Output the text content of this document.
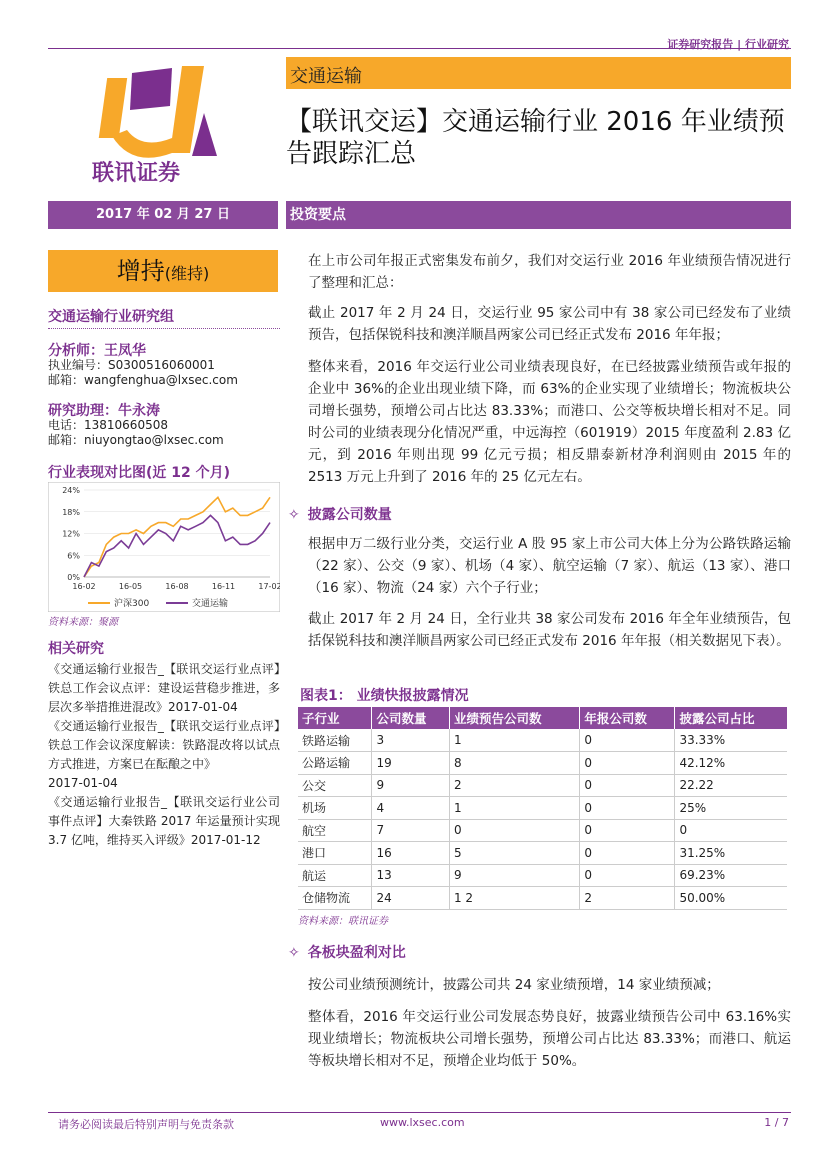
证券研究报告 | 行业研究
联讯证券
交通运输
【联讯交运】交通运输行业 2016 年业绩预告跟踪汇总
2017 年 02 月 27 日	投资要点
增持(维持)
交通运输行业研究组
分析师：王凤华
执业编号：S0300516060001
邮箱：wangfenghua@lxsec.com
研究助理：牛永涛
电话：13810660508
邮箱：niuyongtao@lxsec.com
行业表现对比图(近 12 个月)
0%
6%
12%
18%
24%
16-02	16-05	16-08	16-11	17-02
沪深300	交通运输
资料来源：聚源
相关研究

《交通运输行业报告_【联讯交运行业点评】铁总工作会议点评：建设运营稳步推进，多层次多举措推进混改》2017-01-04

《交通运输行业报告_【联讯交运行业点评】铁总工作会议深度解读：铁路混改将以试点方式推进，方案已在酝酿之中》

2017-01-04

《交通运输行业报告_【联讯交运行业公司事件点评】大秦铁路 2017 年运量预计实现 3.7 亿吨，维持买入评级》2017-01-12

在上市公司年报正式密集发布前夕，我们对交运行业 2016 年业绩预告情况进行了整理和汇总：
截止 2017 年 2 月 24 日，交运行业 95 家公司中有 38 家公司已经发布了业绩预告，包括保锐科技和澳洋顺昌两家公司已经正式发布 2016 年年报；
整体来看，2016 年交运行业公司业绩表现良好，在已经披露业绩预告或年报的企业中 36%的企业出现业绩下降，而 63%的企业实现了业绩增长；物流板块公司增长强势，预增公司占比达 83.33%；而港口、公交等板块增长相对不足。同时公司的业绩表现分化情况严重，中远海控（601919）2015 年度盈利 2.83 亿元，到 2016 年则出现 99 亿元亏损；相反鼎泰新材净利润则由 2015 年的 2513 万元上升到了 2016 年的 25 亿元左右。
✧ 披露公司数量
根据申万二级行业分类，交运行业 A 股 95 家上市公司大体上分为公路铁路运输（22 家）、公交（9 家）、机场（4 家）、航空运输（7 家）、航运（13 家）、港口（16 家）、物流（24 家）六个子行业；
截止 2017 年 2 月 24 日，全行业共 38 家公司发布 2016 年全年业绩预告，包括保锐科技和澳洋顺昌两家公司已经正式发布 2016 年年报（相关数据见下表）。
图表1： 业绩快报披露情况
子行业	公司数量	业绩预告公司数	年报公司数	披露公司占比
铁路运输	3	1	0	33.33%
公路运输	19	8	0	42.12%
公交	9	2	0	22.22
机场	4	1	0	25%
航空	7	0	0	0
港口	16	5	0	31.25%
航运	13	9	0	69.23%
仓储物流	24	1 2	2	50.00%
资料来源：联讯证券
✧ 各板块盈利对比
按公司业绩预测统计，披露公司共 24 家业绩预增，14 家业绩预减；
整体看，2016 年交运行业公司发展态势良好，披露业绩预告公司中 63.16%实现业绩增长；物流板块公司增长强势，预增公司占比达 83.33%；而港口、航运等板块增长相对不足，预增企业均低于 50%。
请务必阅读最后特别声明与免责条款	www.lxsec.com	1 / 7
